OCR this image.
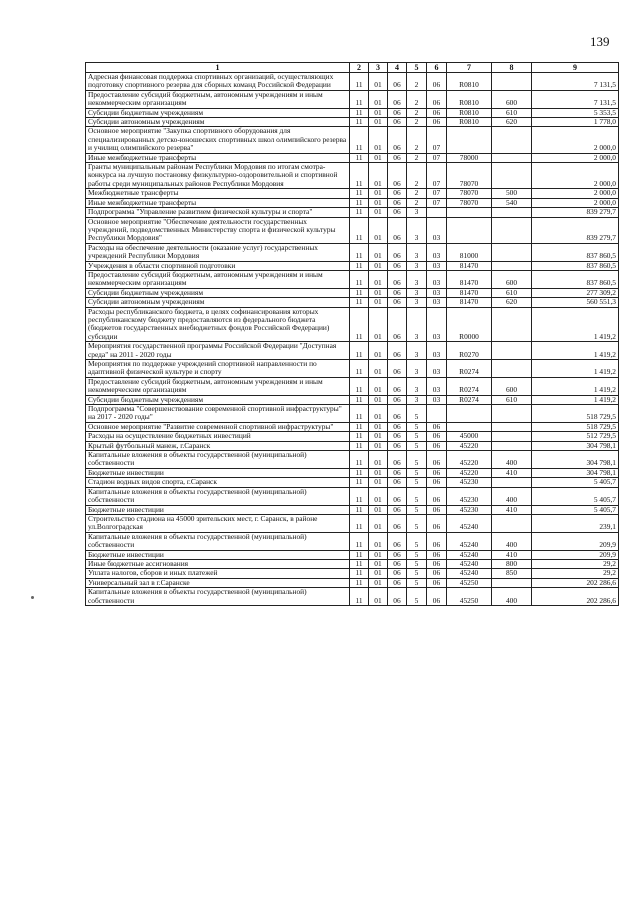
139
1	2	3	4	5	6	7	8	9
Адресная финансовая поддержка спортивных организаций, осуществляющих подготовку спортивного резерва для сборных команд Российской Федерации	11	01	06	2	06	R0810		7 131,5
Предоставление субсидий бюджетным, автономным учреждениям и иным некоммерческим организациям	11	01	06	2	06	R0810	600	7 131,5
Субсидии бюджетным учреждениям	11	01	06	2	06	R0810	610	5 353,5
Субсидии автономным учреждениям	11	01	06	2	06	R0810	620	1 778,0
Основное мероприятие "Закупка спортивного оборудования для специализированных детско-юношеских спортивных школ олимпийского резерва и училищ олимпийского резерва"	11	01	06	2	07			2 000,0
Иные межбюджетные трансферты	11	01	06	2	07	78000		2 000,0
Гранты муниципальным районам Республики Мордовия по итогам смотра-конкурса на лучшую постановку физкультурно-оздоровительной и спортивной работы среди муниципальных районов Республики Мордовия	11	01	06	2	07	78070		2 000,0
Межбюджетные трансферты	11	01	06	2	07	78070	500	2 000,0
Иные межбюджетные трансферты	11	01	06	2	07	78070	540	2 000,0
Подпрограмма "Управление развитием физической культуры и спорта"	11	01	06	3				839 279,7
Основное мероприятие "Обеспечение деятельности государственных учреждений, подведомственных Министерству спорта и физической культуры Республики Мордовия"	11	01	06	3	03			839 279,7
Расходы на обеспечение деятельности (оказание услуг) государственных учреждений Республики Мордовия	11	01	06	3	03	81000		837 860,5
Учреждения в области спортивной подготовки	11	01	06	3	03	81470		837 860,5
Предоставление субсидий бюджетным, автономным учреждениям и иным некоммерческим организациям	11	01	06	3	03	81470	600	837 860,5
Субсидии бюджетным учреждениям	11	01	06	3	03	81470	610	277 309,2
Субсидии автономным учреждениям	11	01	06	3	03	81470	620	560 551,3
Расходы республиканского бюджета, в целях софинансирования которых республиканскому бюджету предоставляются из федерального бюджета (бюджетов государственных внебюджетных фондов Российской Федерации) субсидии	11	01	06	3	03	R0000		1 419,2
Мероприятия государственной программы Российской Федерации "Доступная среда" на 2011 - 2020 годы	11	01	06	3	03	R0270		1 419,2
Мероприятия по поддержке учреждений спортивной направленности по адаптивной физической культуре и спорту	11	01	06	3	03	R0274		1 419,2
Предоставление субсидий бюджетным, автономным учреждениям и иным некоммерческим организациям	11	01	06	3	03	R0274	600	1 419,2
Субсидии бюджетным учреждениям	11	01	06	3	03	R0274	610	1 419,2
Подпрограмма "Совершенствование современной спортивной инфраструктуры" на 2017 - 2020 годы"	11	01	06	5				518 729,5
Основное мероприятие "Развитие современной спортивной инфраструктуры"	11	01	06	5	06			518 729,5
Расходы на осуществление бюджетных инвестиций	11	01	06	5	06	45000		512 729,5
Крытый футбольный манеж, г.Саранск	11	01	06	5	06	45220		304 798,1
Капитальные вложения в объекты государственной (муниципальной) собственности	11	01	06	5	06	45220	400	304 798,1
Бюджетные инвестиции	11	01	06	5	06	45220	410	304 798,1
Стадион водных видов спорта, г.Саранск	11	01	06	5	06	45230		5 405,7
Капитальные вложения в объекты государственной (муниципальной) собственности	11	01	06	5	06	45230	400	5 405,7
Бюджетные инвестиции	11	01	06	5	06	45230	410	5 405,7
Строительство стадиона на 45000 зрительских мест, г. Саранск, в районе ул.Волгоградская	11	01	06	5	06	45240		239,1
Капитальные вложения в объекты государственной (муниципальной) собственности	11	01	06	5	06	45240	400	209,9
Бюджетные инвестиции	11	01	06	5	06	45240	410	209,9
Иные бюджетные ассигнования	11	01	06	5	06	45240	800	29,2
Уплата налогов, сборов и иных платежей	11	01	06	5	06	45240	850	29,2
Универсальный зал в г.Саранске	11	01	06	5	06	45250		202 286,6
Капитальные вложения в объекты государственной (муниципальной) собственности	11	01	06	5	06	45250	400	202 286,6
